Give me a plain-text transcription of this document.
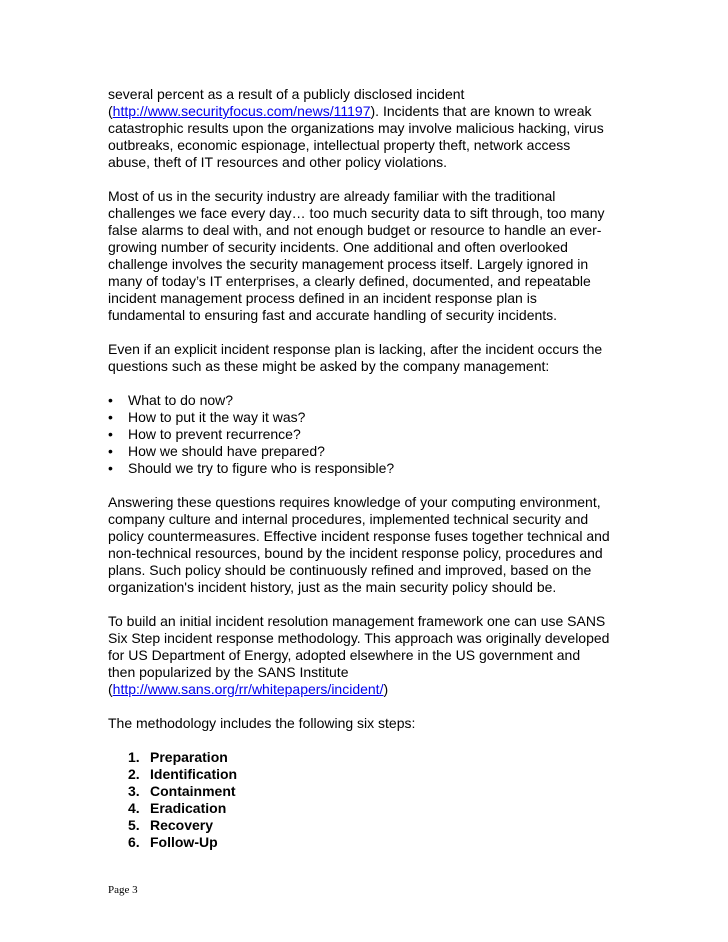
several percent as a result of a publicly disclosed incident
(http://www.securityfocus.com/news/11197). Incidents that are known to wreak
catastrophic results upon the organizations may involve malicious hacking, virus
outbreaks, economic espionage, intellectual property theft, network access
abuse, theft of IT resources and other policy violations.

Most of us in the security industry are already familiar with the traditional
challenges we face every day… too much security data to sift through, too many
false alarms to deal with, and not enough budget or resource to handle an ever-
growing number of security incidents. One additional and often overlooked
challenge involves the security management process itself. Largely ignored in
many of today’s IT enterprises, a clearly defined, documented, and repeatable
incident management process defined in an incident response plan is
fundamental to ensuring fast and accurate handling of security incidents.

Even if an explicit incident response plan is lacking, after the incident occurs the
questions such as these might be asked by the company management:

• What to do now?
• How to put it the way it was?
• How to prevent recurrence?
• How we should have prepared?
• Should we try to figure who is responsible?

Answering these questions requires knowledge of your computing environment,
company culture and internal procedures, implemented technical security and
policy countermeasures. Effective incident response fuses together technical and
non-technical resources, bound by the incident response policy, procedures and
plans. Such policy should be continuously refined and improved, based on the
organization's incident history, just as the main security policy should be.

To build an initial incident resolution management framework one can use SANS
Six Step incident response methodology. This approach was originally developed
for US Department of Energy, adopted elsewhere in the US government and
then popularized by the SANS Institute
(http://www.sans.org/rr/whitepapers/incident/)

The methodology includes the following six steps:

1. Preparation
2. Identification
3. Containment
4. Eradication
5. Recovery
6. Follow-Up
Page 3
